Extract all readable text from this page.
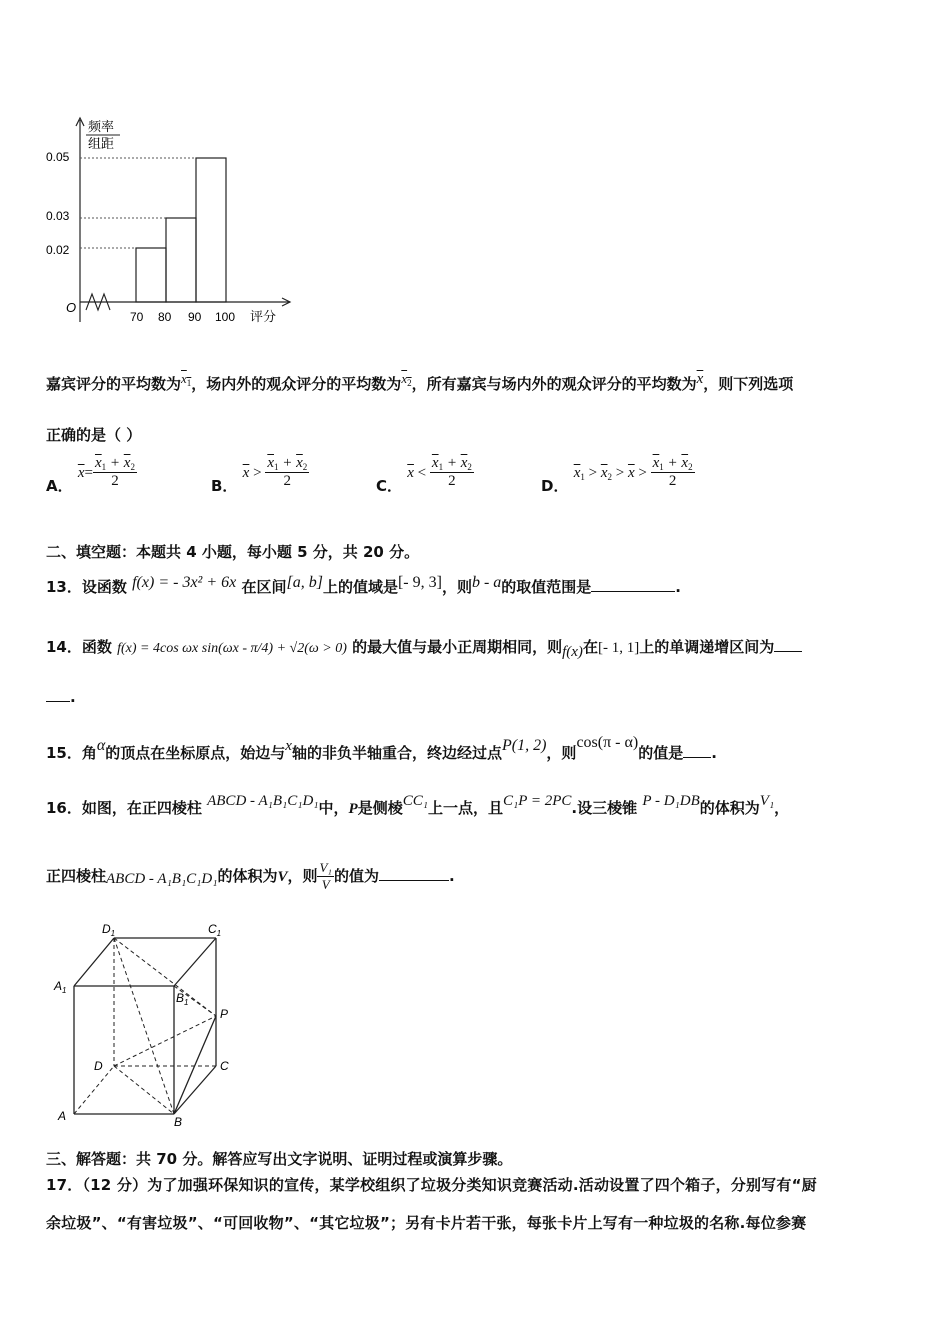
频率
组距
0.05
0.03
0.02
O
70 80 90 100 评分
嘉宾评分的平均数为$x_1$，场内外的观众评分的平均数为$x_2$，所有嘉宾与场内外的观众评分的平均数为$\overline{x}$，则下列选项
正确的是（ ）
A． $\overline{x}= \frac{\overline{x}_1 + \overline{x}_2}{2}$	B． $\overline{x} > \frac{\overline{x}_1 + \overline{x}_2}{2}$	C． $\overline{x} < \frac{\overline{x}_1 + \overline{x}_2}{2}$	D． $\overline{x}_1 > \overline{x}_2 > \overline{x} > \frac{\overline{x}_1 + \overline{x}_2}{2}$
二、填空题：本题共 4 小题，每小题 5 分，共 20 分。
13．设函数 f(x) = - 3x² + 6x 在区间[a, b]上的值域是[- 9, 3]，则b - a的取值范围是	.
14．函数 f(x) = 4cos ωx sin(ωx - π/4) + √2(ω > 0) 的最大值与最小正周期相同，则f(x)在[- 1, 1]上的单调递增区间为
.
15．角α的顶点在坐标原点，始边与x轴的非负半轴重合，终边经过点P(1, 2)，则cos(π - α)的值是 .
16．如图，在正四棱柱 ABCD - A₁B₁C₁D₁中，P是侧棱CC₁上一点，且C₁P = 2PC.设三棱锥 P - D₁DB的体积为V₁，
正四棱柱ABCD - A₁B₁C₁D₁的体积为V，则 $\frac{\text{V₁}}{V}$ 的值为	.
$D_1$	$C_1$
$A_1$
$B_1$
P
D	C
A	B
三、解答题：共 70 分。解答应写出文字说明、证明过程或演算步骤。
17．（12 分）为了加强环保知识的宣传，某学校组织了垃圾分类知识竞赛活动.活动设置了四个箱子，分别写有“厨
余垃圾”、“有害垃圾”、“可回收物”、“其它垃圾”；另有卡片若干张，每张卡片上写有一种垃圾的名称.每位参赛
